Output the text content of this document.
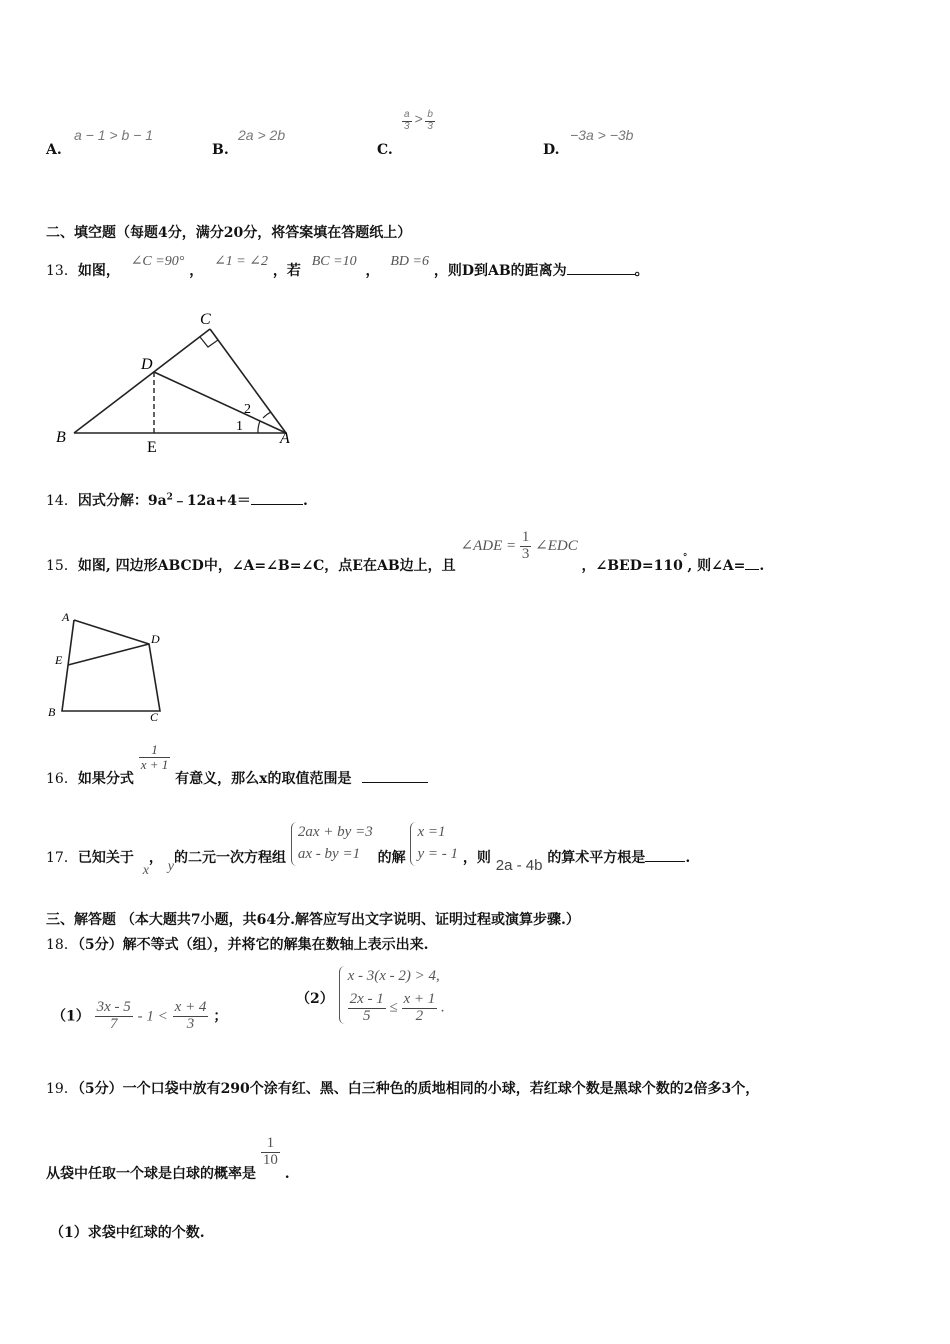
A.
a − 1 > b − 1
B.
2a > 2b
C.
$\frac{a}{3} > \frac{b}{3}$
D.
−3a > −3b
二、填空题（每题4分，满分20分，将答案填在答题纸上）
13．如图， ∠C =90° ， ∠1 = ∠2 ，若 BC =10 ， BD =6 ，则D到AB的距离为	。
C
D
B
E
A
1
2
14．因式分解：$9a^2﹣12a+4=$	.
15．如图, 四边形ABCD中，∠A=∠B=∠C，点E在AB边上，且 ∠ADE = $\frac{1}{3}$ ∠EDC ，∠BED=110°, 则∠A= .
A
D
E
B	C
16．如果分式
$\frac{1}{x + 1}$
有意义，那么x的取值范围是
17．已知关于 x， y的二元一次方程组
2ax + by =3
ax - by =1	的解
x =1
y = - 1 ，则 2a - 4b 的算术平方根是	.
三、解答题 （本大题共7小题，共64分.解答应写出文字说明、证明过程或演算步骤.）
18．（5分）解不等式（组），并将它的解集在数轴上表示出来.
$(1) \frac{3x - 5}{7} - 1 < \frac{x + 4}{3}$ ；
（2）
x - 3(x - 2) > 4,
$\frac{2x - 1}{5} \le \frac{x + 1}{2}$ .
19．（5分）一个口袋中放有290个涂有红、黑、白三种色的质地相同的小球，若红球个数是黑球个数的2倍多3个，
从袋中任取一个球是白球的概率是
$\frac{1}{10}$
.
（1）求袋中红球的个数.
